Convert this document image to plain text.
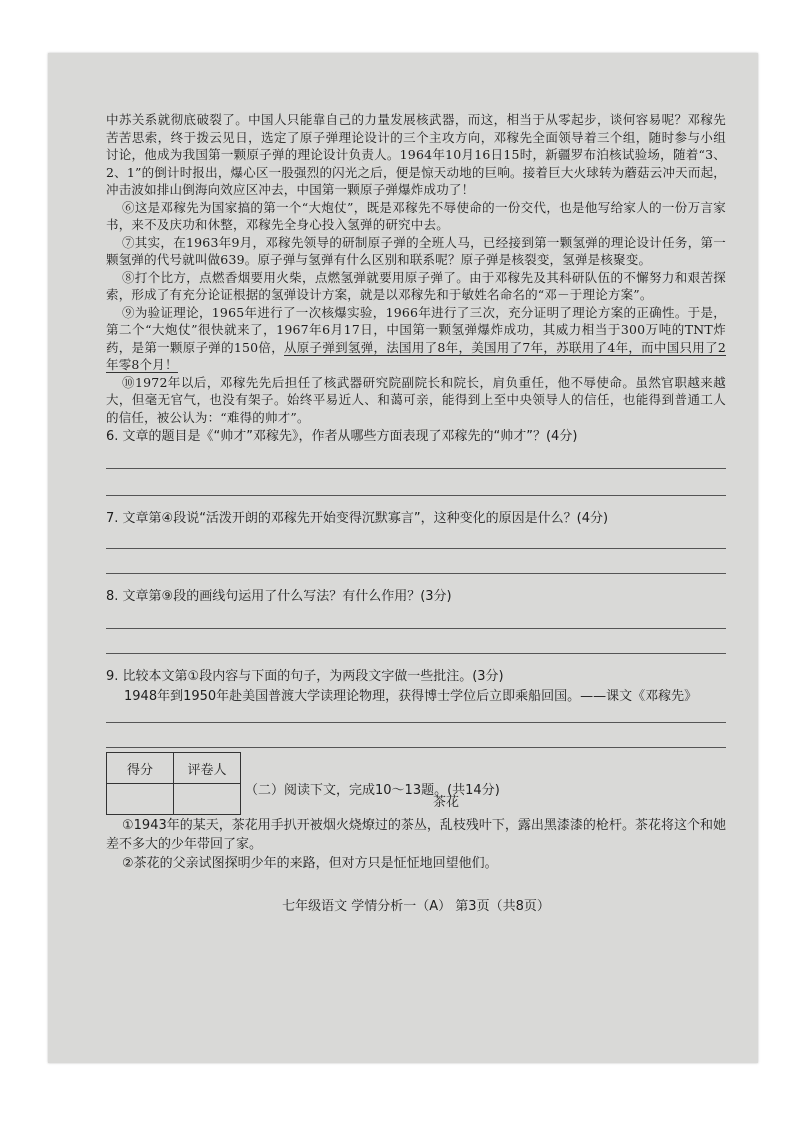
中苏关系就彻底破裂了。中国人只能靠自己的力量发展核武器，而这，相当于从零起步，谈何容易呢？邓稼先苦苦思索，终于拨云见日，选定了原子弹理论设计的三个主攻方向，邓稼先全面领导着三个组，随时参与小组讨论，他成为我国第一颗原子弹的理论设计负责人。1964年10月16日15时，新疆罗布泊核试验场，随着“3、2、1”的倒计时报出，爆心区一股强烈的闪光之后，便是惊天动地的巨响。接着巨大火球转为蘑菇云冲天而起，冲击波如排山倒海向效应区冲去，中国第一颗原子弹爆炸成功了！

⑥这是邓稼先为国家搞的第一个“大炮仗”，既是邓稼先不辱使命的一份交代，也是他写给家人的一份万言家书，来不及庆功和休整，邓稼先全身心投入氢弹的研究中去。

⑦其实，在1963年9月，邓稼先领导的研制原子弹的全班人马，已经接到第一颗氢弹的理论设计任务，第一颗氢弹的代号就叫做639。原子弹与氢弹有什么区别和联系呢？原子弹是核裂变，氢弹是核聚变。

⑧打个比方，点燃香烟要用火柴，点燃氢弹就要用原子弹了。由于邓稼先及其科研队伍的不懈努力和艰苦探索，形成了有充分论证根据的氢弹设计方案，就是以邓稼先和于敏姓名命名的“邓－于理论方案”。

⑨为验证理论，1965年进行了一次核爆实验，1966年进行了三次，充分证明了理论方案的正确性。于是，第二个“大炮仗”很快就来了，1967年6月17日，中国第一颗氢弹爆炸成功，其威力相当于300万吨的TNT炸药，是第一颗原子弹的150倍，从原子弹到氢弹，法国用了8年，美国用了7年，苏联用了4年，而中国只用了2年零8个月！

⑩1972年以后，邓稼先先后担任了核武器研究院副院长和院长，肩负重任，他不辱使命。虽然官职越来越大，但毫无官气，也没有架子。始终平易近人、和蔼可亲，能得到上至中央领导人的信任，也能得到普通工人的信任，被公认为：“难得的帅才”。

6. 文章的题目是《“帅才”邓稼先》，作者从哪些方面表现了邓稼先的“帅才”？(4分)

7. 文章第④段说“活泼开朗的邓稼先开始变得沉默寡言”，这种变化的原因是什么？(4分)

8. 文章第⑨段的画线句运用了什么写法？有什么作用？(3分)

9. 比较本文第①段内容与下面的句子，为两段文字做一些批注。(3分)

1948年到1950年赴美国普渡大学读理论物理，获得博士学位后立即乘船回国。——课文《邓稼先》

得分	评卷人

（二）阅读下文，完成10～13题。(共14分)

茶花

①1943年的某天，茶花用手扒开被烟火烧燎过的茶丛，乱枝残叶下，露出黑漆漆的枪杆。茶花将这个和她差不多大的少年带回了家。

②茶花的父亲试图探明少年的来路，但对方只是怔怔地回望他们。

七年级语文 学情分析一（A） 第3页（共8页）
